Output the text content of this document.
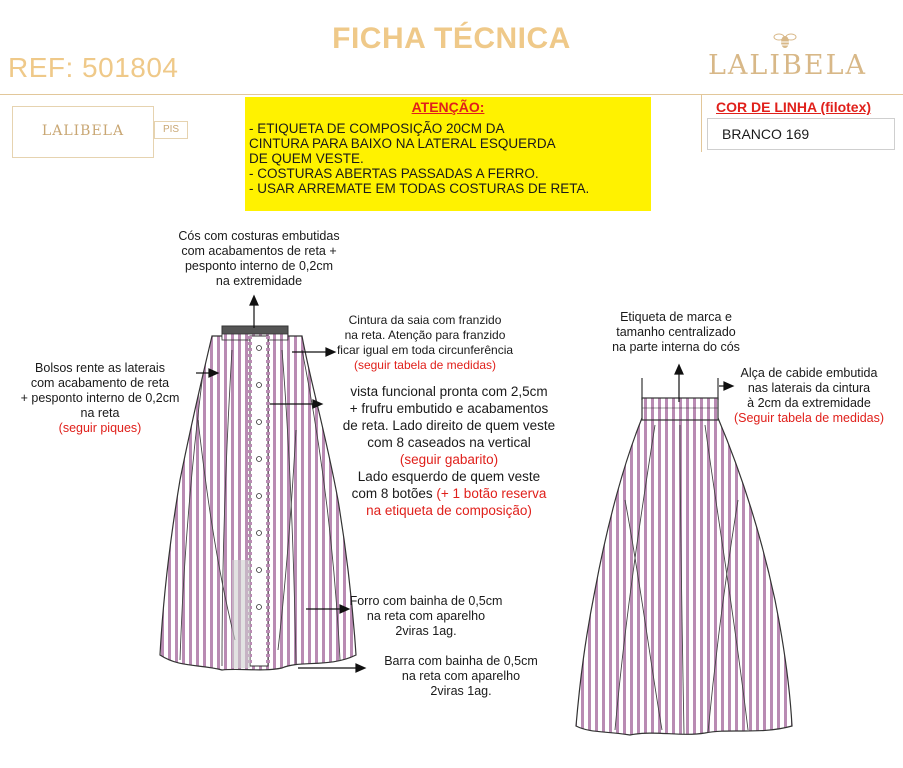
FICHA TÉCNICA
REF: 501804	LALIBELA
LALIBELA	PIS
ATENÇÃO:
- ETIQUETA DE COMPOSIÇÃO 20CM DA
CINTURA PARA BAIXO NA LATERAL ESQUERDA
DE QUEM VESTE.
- COSTURAS ABERTAS PASSADAS A FERRO.
- USAR ARREMATE EM TODAS COSTURAS DE RETA.
COR DE LINHA (filotex)
BRANCO 169
Cós com costuras embutidas
com acabamentos de reta +
pesponto interno de 0,2cm
na extremidade
Cintura da saia com franzido
na reta. Atenção para franzido
ficar igual em toda circunferência
(seguir tabela de medidas)
Bolsos rente as laterais
com acabamento de reta
+ pesponto interno de 0,2cm
na reta
(seguir piques)
vista funcional pronta com 2,5cm
+ frufru embutido e acabamentos
de reta. Lado direito de quem veste
com 8 caseados na vertical
(seguir gabarito)
Lado esquerdo de quem veste
com 8 botões (+ 1 botão reserva
na etiqueta de composição)
Forro com bainha de 0,5cm
na reta com aparelho
2viras 1ag.
Barra com bainha de 0,5cm
na reta com aparelho
2viras 1ag.
Etiqueta de marca e
tamanho centralizado
na parte interna do cós
Alça de cabide embutida
nas laterais da cintura
à 2cm da extremidade
(Seguir tabela de medidas)
